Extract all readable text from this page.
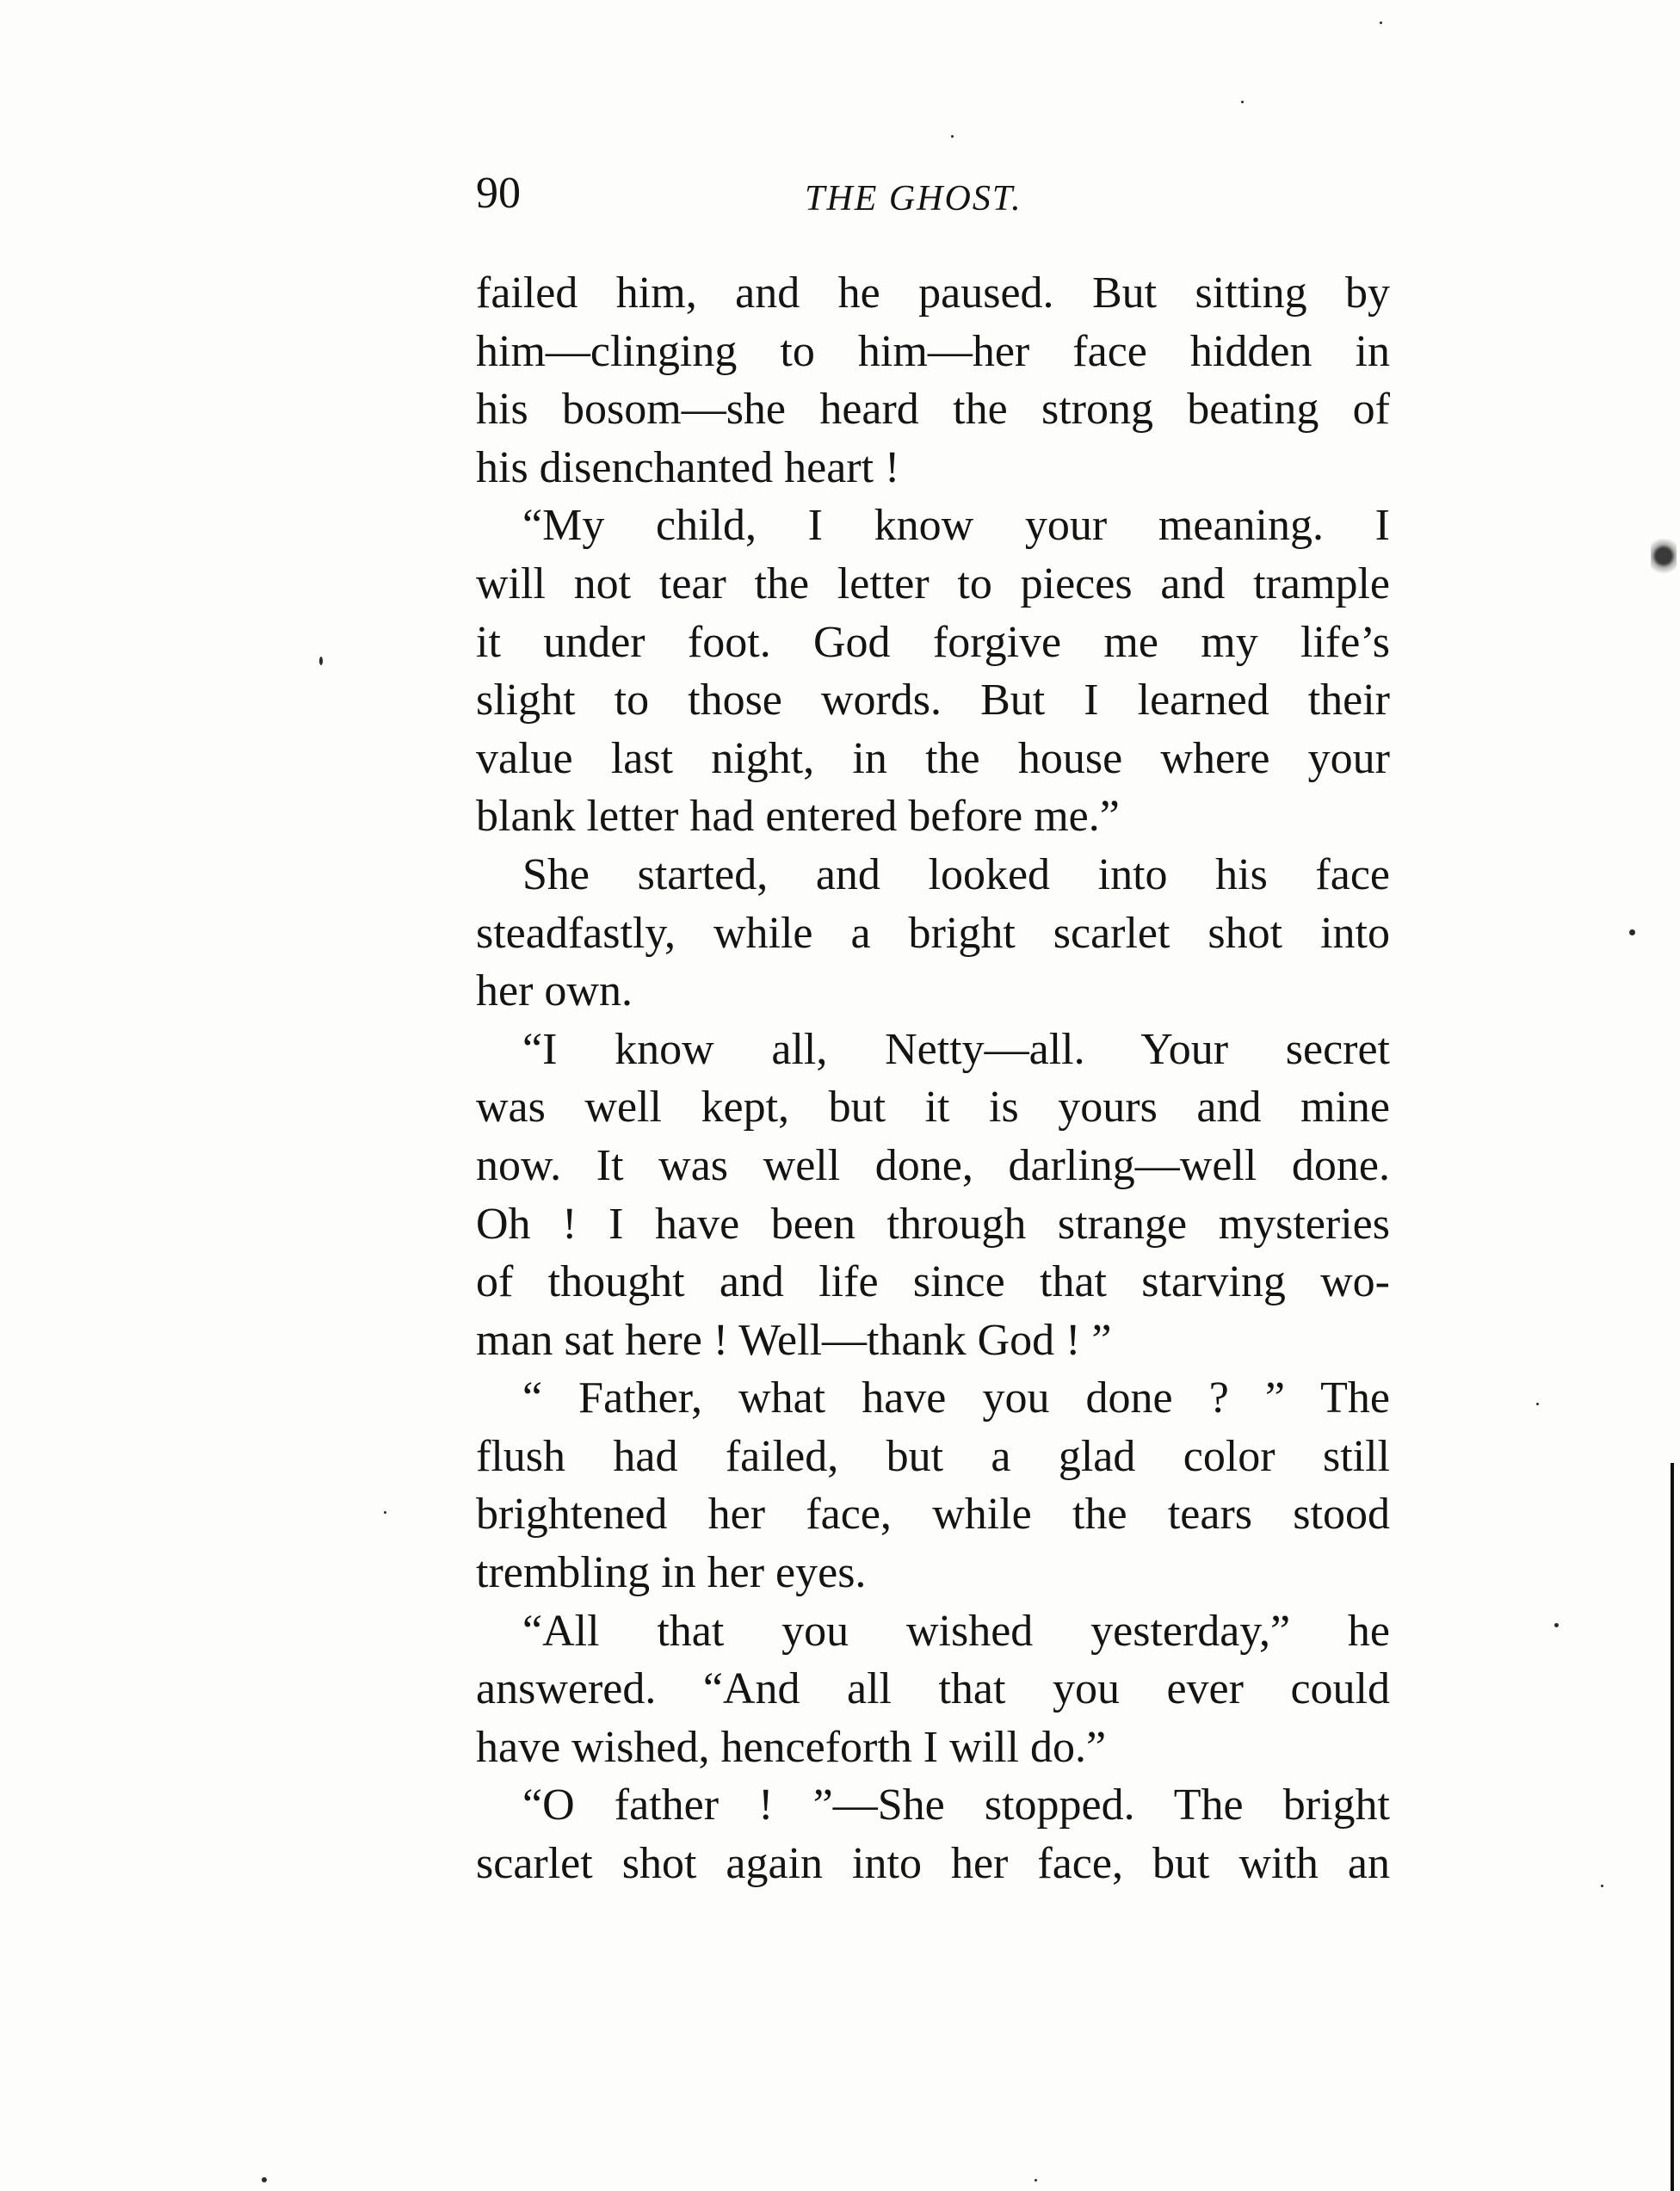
90	THE GHOST.
failed him, and he paused. But sitting by
him—clinging to him—her face hidden in
his bosom—she heard the strong beating of
his disenchanted heart !
“My child, I know your meaning. I
will not tear the letter to pieces and trample
it under foot. God forgive me my life’s
slight to those words. But I learned their
value last night, in the house where your
blank letter had entered before me.”
She started, and looked into his face
steadfastly, while a bright scarlet shot into
her own.
“I know all, Netty—all. Your secret
was well kept, but it is yours and mine
now. It was well done, darling—well done.
Oh ! I have been through strange mysteries
of thought and life since that starving wo-
man sat here ! Well—thank God ! ”
“ Father, what have you done ? ” The
flush had failed, but a glad color still
brightened her face, while the tears stood
trembling in her eyes.
“All that you wished yesterday,” he
answered. “And all that you ever could
have wished, henceforth I will do.”
“O father ! ”—She stopped. The bright
scarlet shot again into her face, but with an
